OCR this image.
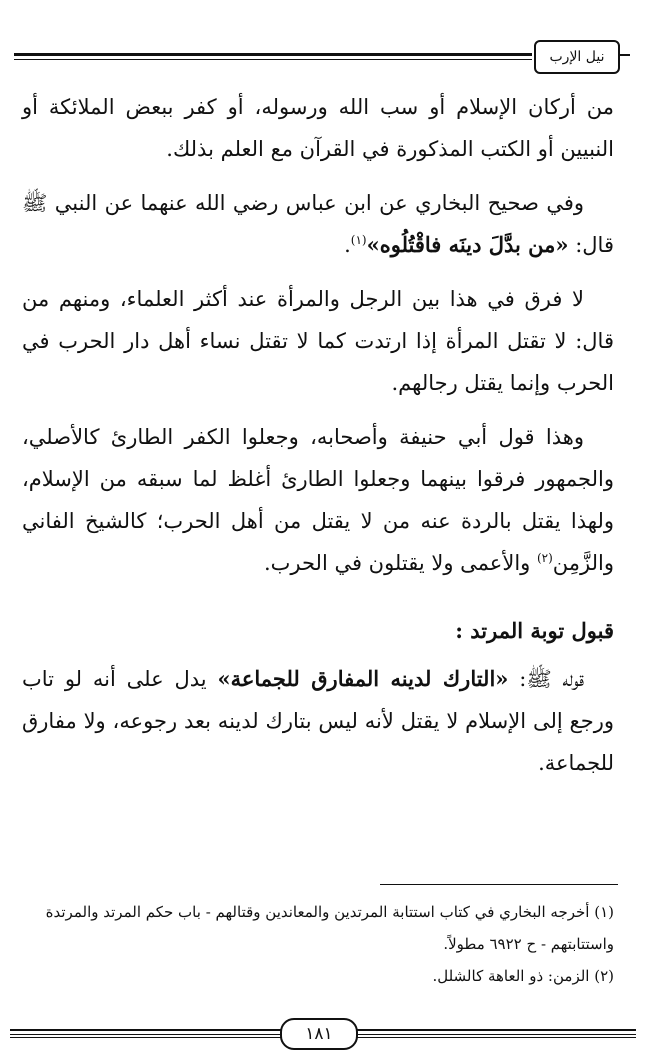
نيل الإرب

من أركان الإسلام أو سب الله ورسوله، أو كفر ببعض الملائكة أو النبيين أو الكتب المذكورة في القرآن مع العلم بذلك.

وفي صحيح البخاري عن ابن عباس رضي الله عنهما عن النبي ﷺ قال: «من بدَّلَ دينَه فاقْتُلُوه»$^{(١)}$.

لا فرق في هذا بين الرجل والمرأة عند أكثر العلماء، ومنهم من قال: لا تقتل المرأة إذا ارتدت كما لا تقتل نساء أهل دار الحرب في الحرب وإنما يقتل رجالهم.

وهذا قول أبي حنيفة وأصحابه، وجعلوا الكفر الطارئ كالأصلي، والجمهور فرقوا بينهما وجعلوا الطارئ أغلظ لما سبقه من الإسلام، ولهذا يقتل بالردة عنه من لا يقتل من أهل الحرب؛ كالشيخ الفاني والزَّمِن$^{(٢)}$ والأعمى ولا يقتلون في الحرب.

قبول توبة المرتد :

قوله ﷺ: «التارك لدينه المفارق للجماعة» يدل على أنه لو تاب ورجع إلى الإسلام لا يقتل لأنه ليس بتارك لدينه بعد رجوعه، ولا مفارق للجماعة.

(١) أخرجه البخاري في كتاب استتابة المرتدين والمعاندين وقتالهم - باب حكم المرتد والمرتدة واستتابتهم - ح ٦٩٢٢ مطولاً.

(٢) الزمن: ذو العاهة كالشلل.

١٨١
